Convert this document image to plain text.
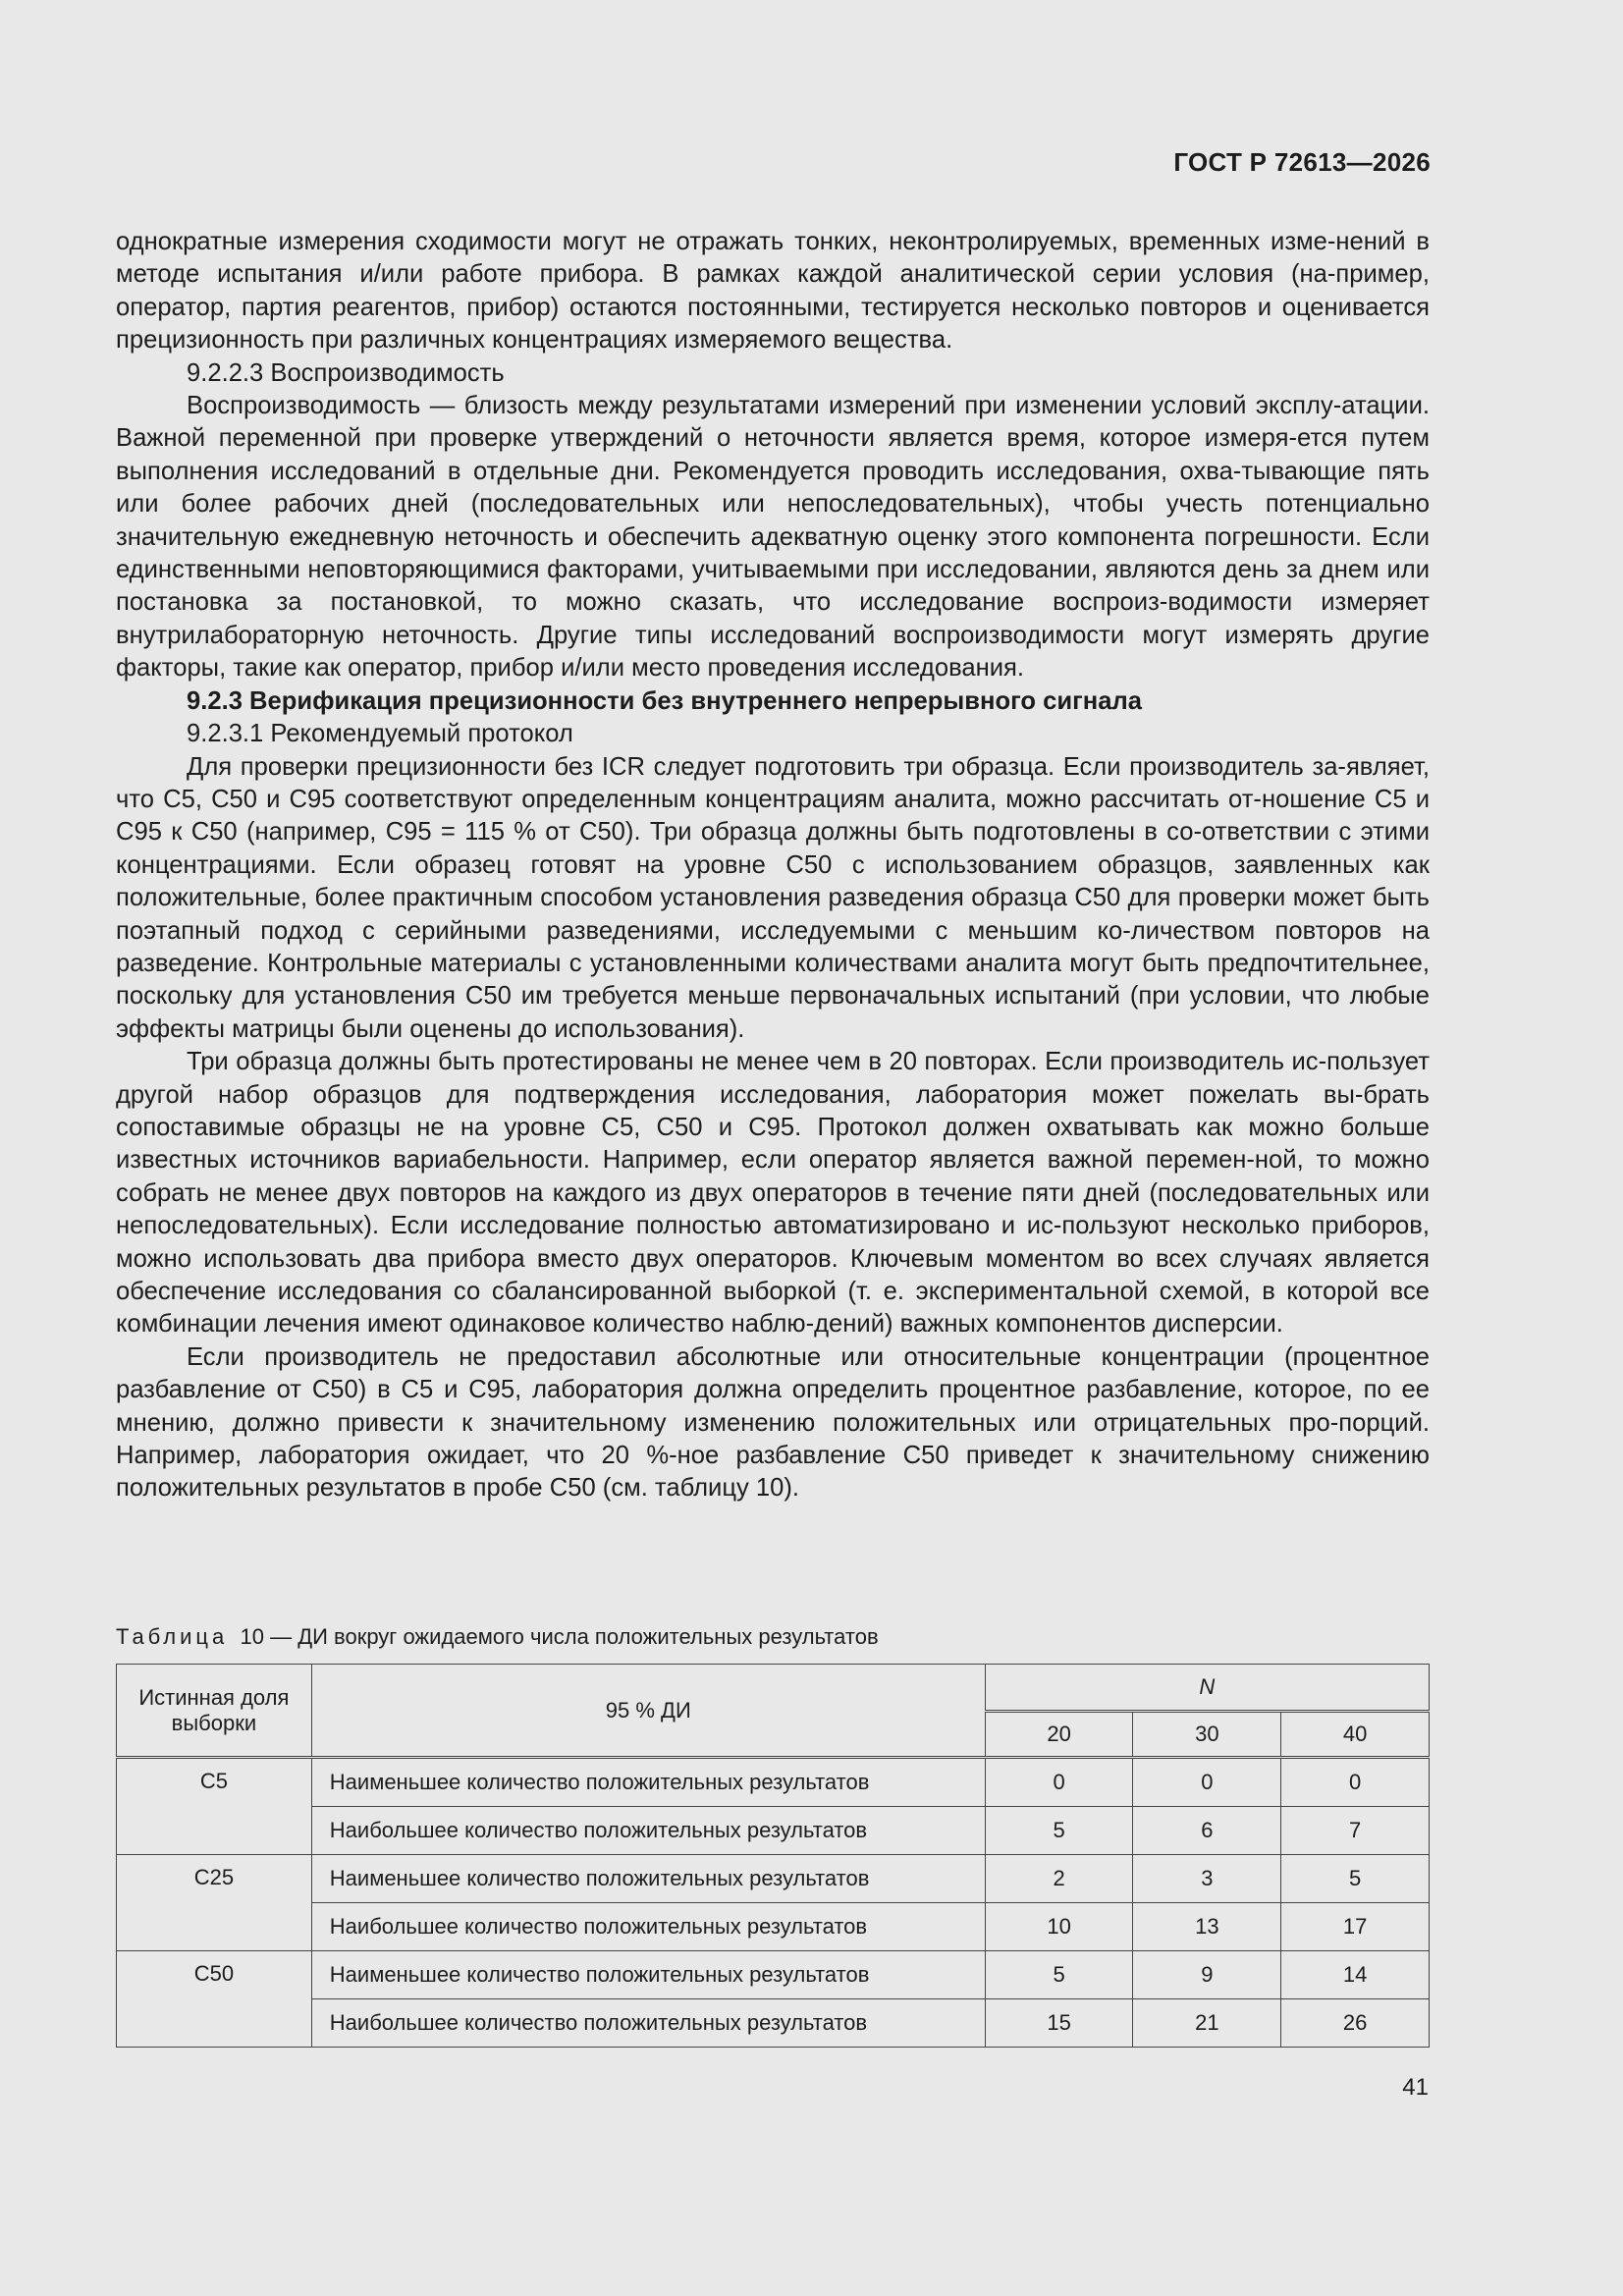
ГОСТ Р 72613—2026

однократные измерения сходимости могут не отражать тонких, неконтролируемых, временных изме-нений в методе испытания и/или работе прибора. В рамках каждой аналитической серии условия (на-пример, оператор, партия реагентов, прибор) остаются постоянными, тестируется несколько повторов и оценивается прецизионность при различных концентрациях измеряемого вещества.

9.2.2.3 Воспроизводимость

Воспроизводимость — близость между результатами измерений при изменении условий эксплу-атации. Важной переменной при проверке утверждений о неточности является время, которое измеря-ется путем выполнения исследований в отдельные дни. Рекомендуется проводить исследования, охва-тывающие пять или более рабочих дней (последовательных или непоследовательных), чтобы учесть потенциально значительную ежедневную неточность и обеспечить адекватную оценку этого компонента погрешности. Если единственными неповторяющимися факторами, учитываемыми при исследовании, являются день за днем или постановка за постановкой, то можно сказать, что исследование воспроиз-водимости измеряет внутрилабораторную неточность. Другие типы исследований воспроизводимости могут измерять другие факторы, такие как оператор, прибор и/или место проведения исследования.

9.2.3 Верификация прецизионности без внутреннего непрерывного сигнала

9.2.3.1 Рекомендуемый протокол

Для проверки прецизионности без ICR следует подготовить три образца. Если производитель за-являет, что С5, С50 и С95 соответствуют определенным концентрациям аналита, можно рассчитать от-ношение С5 и С95 к С50 (например, С95 = 115 % от С50). Три образца должны быть подготовлены в со-ответствии с этими концентрациями. Если образец готовят на уровне С50 с использованием образцов, заявленных как положительные, более практичным способом установления разведения образца С50 для проверки может быть поэтапный подход с серийными разведениями, исследуемыми с меньшим ко-личеством повторов на разведение. Контрольные материалы с установленными количествами аналита могут быть предпочтительнее, поскольку для установления С50 им требуется меньше первоначальных испытаний (при условии, что любые эффекты матрицы были оценены до использования).

Три образца должны быть протестированы не менее чем в 20 повторах. Если производитель ис-пользует другой набор образцов для подтверждения исследования, лаборатория может пожелать вы-брать сопоставимые образцы не на уровне С5, С50 и С95. Протокол должен охватывать как можно больше известных источников вариабельности. Например, если оператор является важной перемен-ной, то можно собрать не менее двух повторов на каждого из двух операторов в течение пяти дней (последовательных или непоследовательных). Если исследование полностью автоматизировано и ис-пользуют несколько приборов, можно использовать два прибора вместо двух операторов. Ключевым моментом во всех случаях является обеспечение исследования со сбалансированной выборкой (т. е. экспериментальной схемой, в которой все комбинации лечения имеют одинаковое количество наблю-дений) важных компонентов дисперсии.

Если производитель не предоставил абсолютные или относительные концентрации (процентное разбавление от С50) в С5 и С95, лаборатория должна определить процентное разбавление, которое, по ее мнению, должно привести к значительному изменению положительных или отрицательных про-порций. Например, лаборатория ожидает, что 20 %-ное разбавление С50 приведет к значительному снижению положительных результатов в пробе С50 (см. таблицу 10).

Таблица 10 — ДИ вокруг ожидаемого числа положительных результатов
Истинная доля выборки	95 % ДИ	N		
		20	30	40
С5	Наименьшее количество положительных результатов	0	0	0
	Наибольшее количество положительных результатов	5	6	7
С25	Наименьшее количество положительных результатов	2	3	5
	Наибольшее количество положительных результатов	10	13	17
С50	Наименьшее количество положительных результатов	5	9	14
	Наибольшее количество положительных результатов	15	21	26
41
